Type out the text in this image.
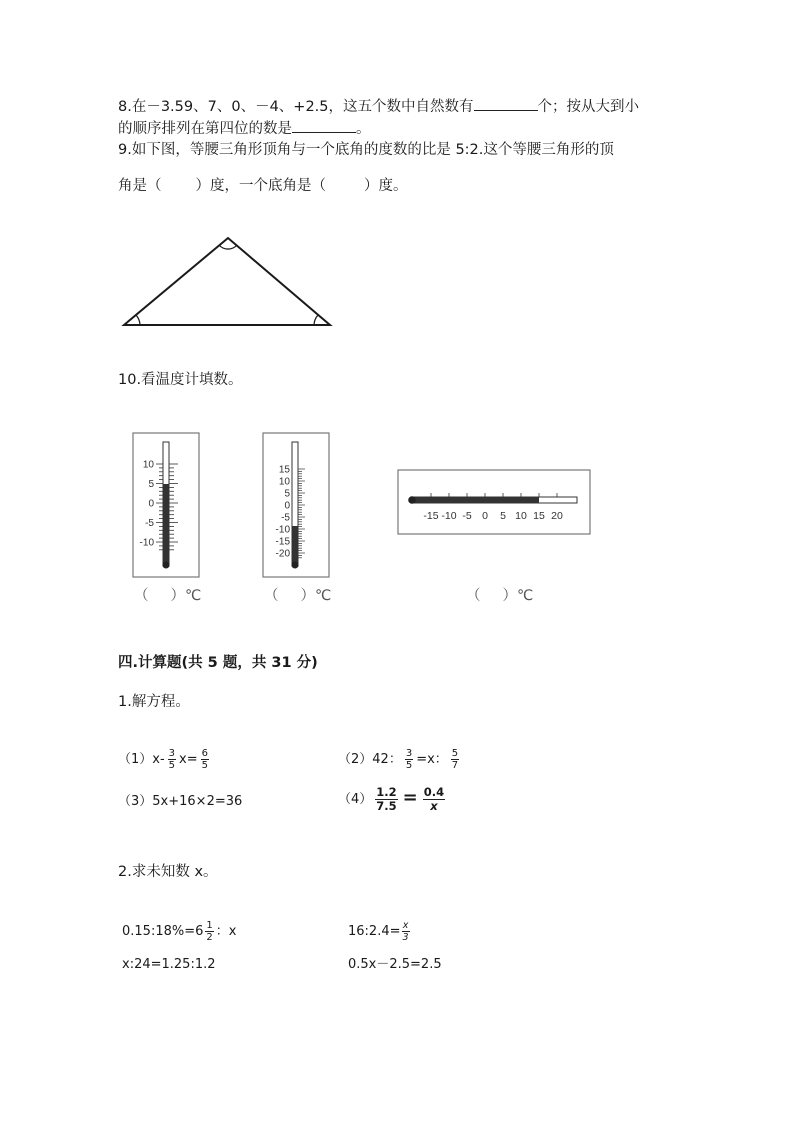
8.在－3.59、7、0、－4、+2.5，这五个数中自然数有	个；按从大到小
的顺序排列在第四位的数是	。
9.如下图，等腰三角形顶角与一个底角的度数的比是 5:2.这个等腰三角形的顶
角是（ ）度，一个底角是（	）度。
10.看温度计填数。
10
5
0
-5
-10
15
10
5
0
-5
-10
-15
-20
-15 -10 -5 0 5 10 15 20
（ ）℃	（ ）℃	（ ）℃
四.计算题(共 5 题，共 31 分)
1.解方程。
$(1)x- \frac{3}{5} x= \frac{6}{5}$	（2）42： $\frac{3}{5} =x$： $\frac{5}{7}$
（3）5x+16×2=36	$(4) \frac{1.2}{7.5} = \frac{0.4}{x}$
2.求未知数 x。
0.15:18%=6 $\frac{1}{2}$ ：x	16:2.4= $\frac{x}{3}$
x:24=1.25:1.2	0.5x－2.5=2.5
